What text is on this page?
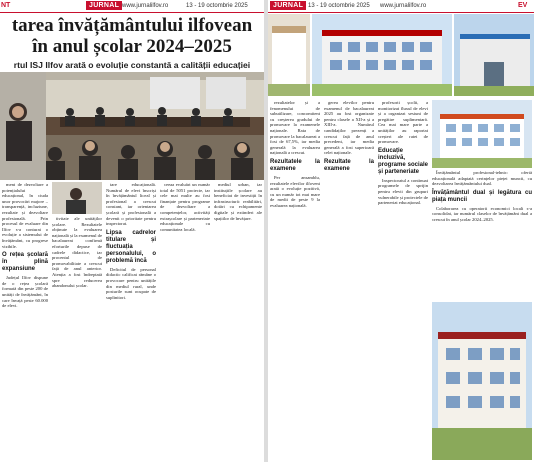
NT	JURNAL www.jurnalilfov.ro	13 - 19 octombrie 2025
tarea învățământului ilfovean
în anul școlar 2024–2025
rtul ISJ Ilfov arată o evoluție constantă a calității educației

ment de dezvoltare a potențialului educațional, în ciuda unor provocări majore – transparență, incluziune, rezultate și dezvoltare profesională. Prin procesul de evaluare din Ilfov s-a conturat o evoluție a sistemului de învățământ, cu progrese vizibile.

O rețea școlară în plină expansiune

Județul Ilfov dispune de o rețea școlară formată din peste 200 de unități de învățământ, în care învață peste 60.000 de elevi.

tivitate ale unităților școlare. Rezultatele obținute la evaluarea națională și la examenul de bacalaureat confirmă eforturile depuse de cadrele didactice, iar procentul de promovabilitate a crescut față de anul anterior. Atenția a fost îndreptată spre reducerea abandonului școlar.

tare educațională. Numărul de elevi înscriși în învățământul liceal și profesional a crescut constant, iar orientarea școlară și profesională a devenit o prioritate pentru inspectorat.

Lipsa cadrelor titulare și fluctuația personalului, o problemă încă

Deficitul de personal didactic calificat rămâne o provocare pentru unitățile din mediul rural, unde posturile sunt ocupate de suplinitori.

ceeaa evaluări un număr total de 5051 proiecte, iar cele mai multe au fost finanțate pentru programe de dezvoltare a competențelor, activități extrașcolare și parteneriate educaționale cu comunitatea locală.

mediul urban, iar instituțiile școlare au beneficiat de investiții în infrastructură: reabilitări, dotări cu echipamente digitale și extinderi ale spațiilor de învățare.

JURNAL 13 - 19 octombrie 2025 www.jurnalilfov.ro	EV

rezultatelor și a fenomenului de subutilizare, concomitent cu creșterea gradului de promovare la examenele naționale. Rata de promovare la bacalaureat a fost de 67,5%, iar media generală la evaluarea națională a crescut.

Rezultatele la examene

Per ansamblu, rezultatele elevilor ilfoveni arată o evoluție pozitivă, cu un număr tot mai mare de medii de peste 9 la evaluarea națională.

gerea elevilor pentru examenul de bacalaureat 2025 au fost organizate pentru clasele a XII-a și a XIII-a. Numărul candidaților prezenți a crescut față de anul precedent, iar media generală a fost superioară celei naționale.

Rezultate la examene

profesorii școlii, a monitorizat fluxul de elevi și a organizat sesiuni de pregătire suplimentară. Cea mai mare parte a unităților au raportat creșteri ale ratei de promovare.

Educație incluzivă, programe sociale și parteneriate

Inspectoratul a continuat programele de sprijin pentru elevii din grupuri vulnerabile și proiectele de parteneriat educațional.

Învățământul profesional-tehnic: ofertă educațională adaptată cerințelor pieței muncii, cu dezvoltarea învățământului dual.

Învățământul dual și legătura cu piața muncii

Colaborarea cu operatorii economici locali s-a consolidat, iar numărul claselor de învățământ dual a crescut în anul școlar 2024–2025.
